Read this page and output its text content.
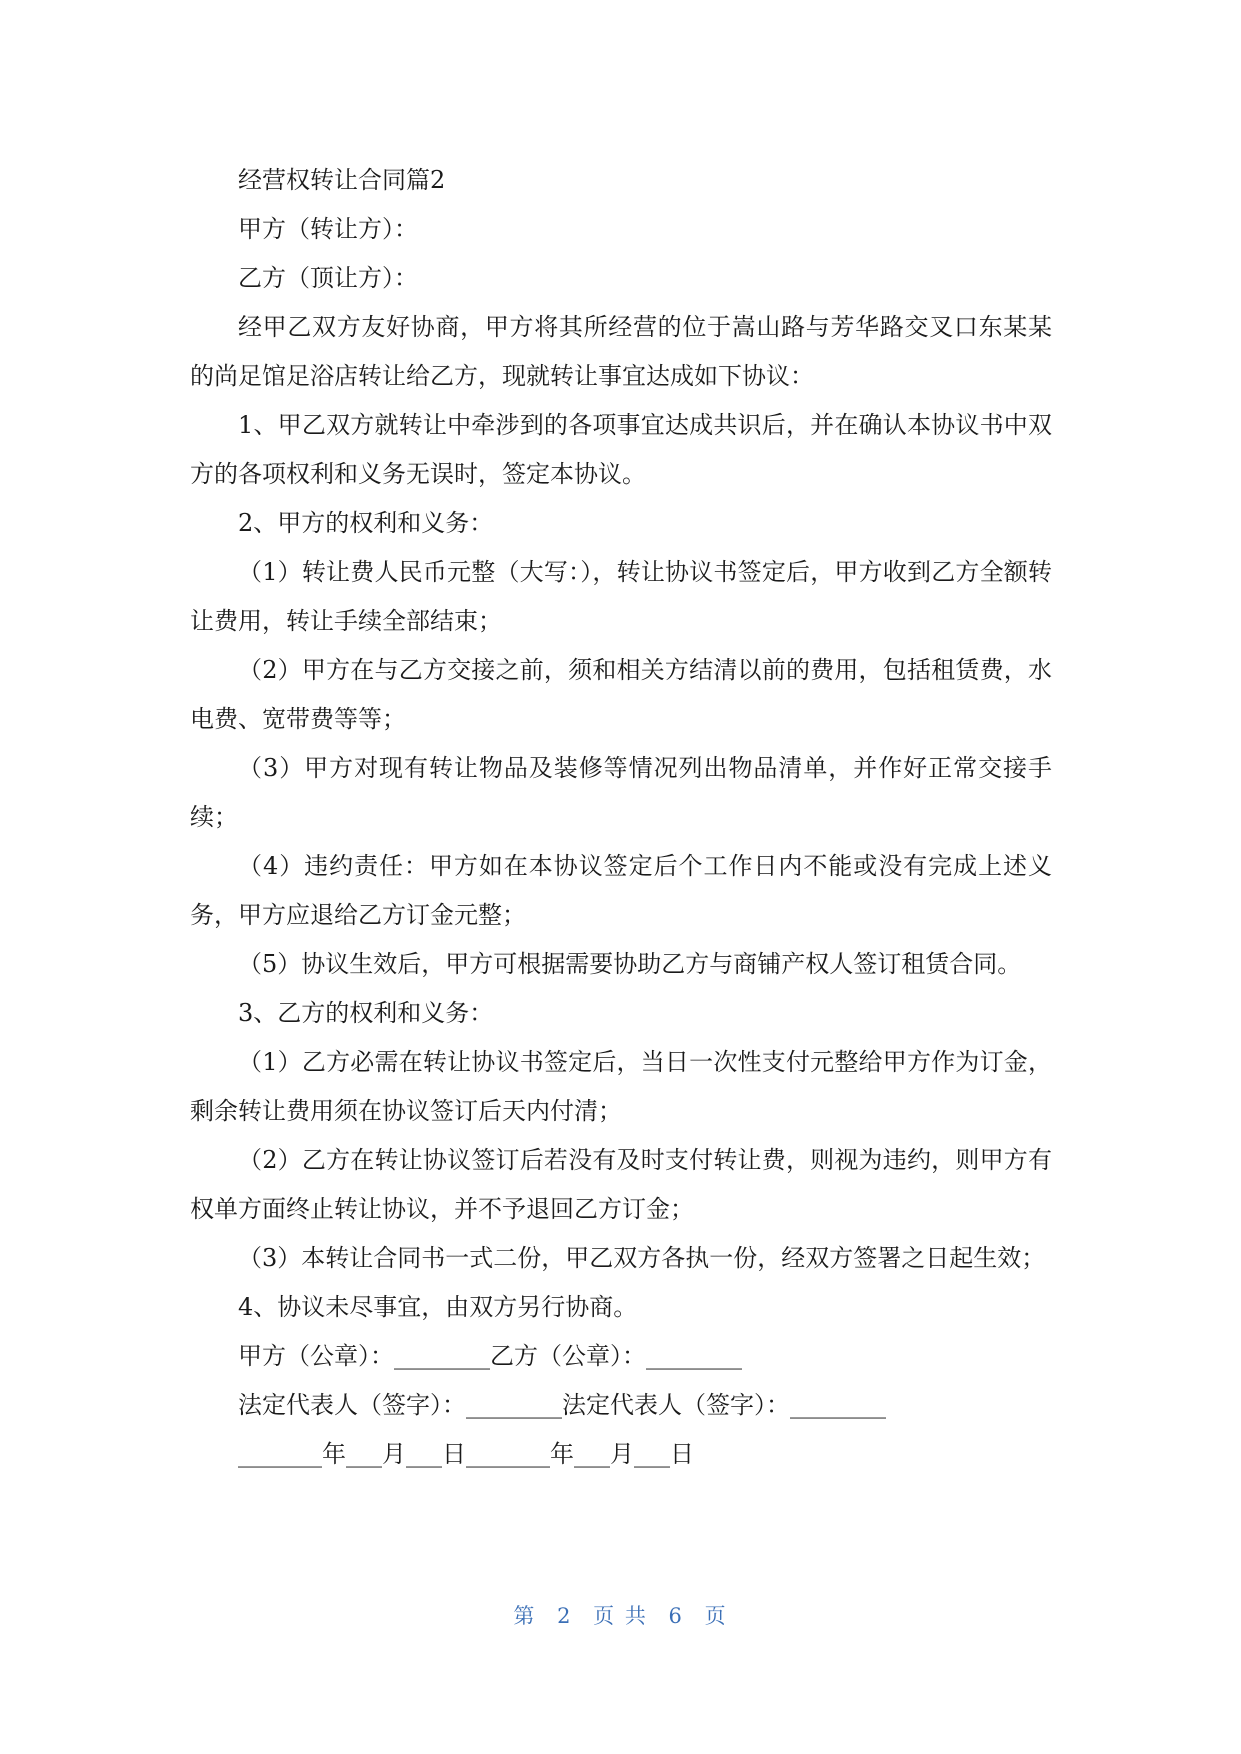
经营权转让合同篇2

甲方（转让方）：

乙方（顶让方）：

经甲乙双方友好协商，甲方将其所经营的位于嵩山路与芳华路交叉口东某某的尚足馆足浴店转让给乙方，现就转让事宜达成如下协议：

1、甲乙双方就转让中牵涉到的各项事宜达成共识后，并在确认本协议书中双方的各项权利和义务无误时，签定本协议。

2、甲方的权利和义务：

（1）转让费人民币元整（大写：），转让协议书签定后，甲方收到乙方全额转让费用，转让手续全部结束；

（2）甲方在与乙方交接之前，须和相关方结清以前的费用，包括租赁费，水电费、宽带费等等；

（3）甲方对现有转让物品及装修等情况列出物品清单，并作好正常交接手续；

（4）违约责任：甲方如在本协议签定后个工作日内不能或没有完成上述义务，甲方应退给乙方订金元整；

（5）协议生效后，甲方可根据需要协助乙方与商铺产权人签订租赁合同。

3、乙方的权利和义务：

（1）乙方必需在转让协议书签定后，当日一次性支付元整给甲方作为订金，剩余转让费用须在协议签订后天内付清；

（2）乙方在转让协议签订后若没有及时支付转让费，则视为违约，则甲方有权单方面终止转让协议，并不予退回乙方订金；

（3）本转让合同书一式二份，甲乙双方各执一份，经双方签署之日起生效；

4、协议未尽事宜，由双方另行协商。

甲方（公章）：________乙方（公章）：________

法定代表人（签字）：________法定代表人（签字）：________

_______年___月___日_______年___月___日

第 2 页 共 6 页
